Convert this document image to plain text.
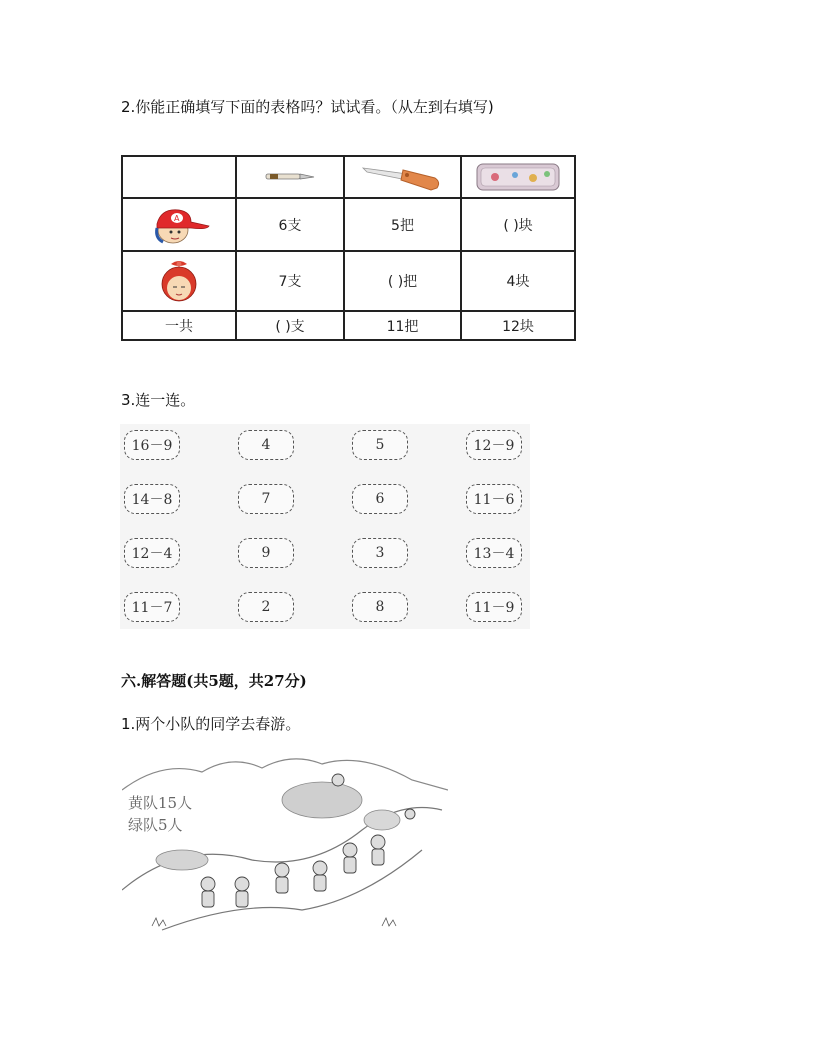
2.你能正确填写下面的表格吗？试试看。（从左到右填写)

A	6支	5把	( )块

	7支	( )把	4块
一共	( )支	11把	12块
3.连一连。
16－9	4	5	12－9
14－8	7	6	11－6
12－4	9	3	13－4
11－7	2	8	11－9
六.解答题(共5题，共27分)
1.两个小队的同学去春游。
黄队15人
绿队5人
